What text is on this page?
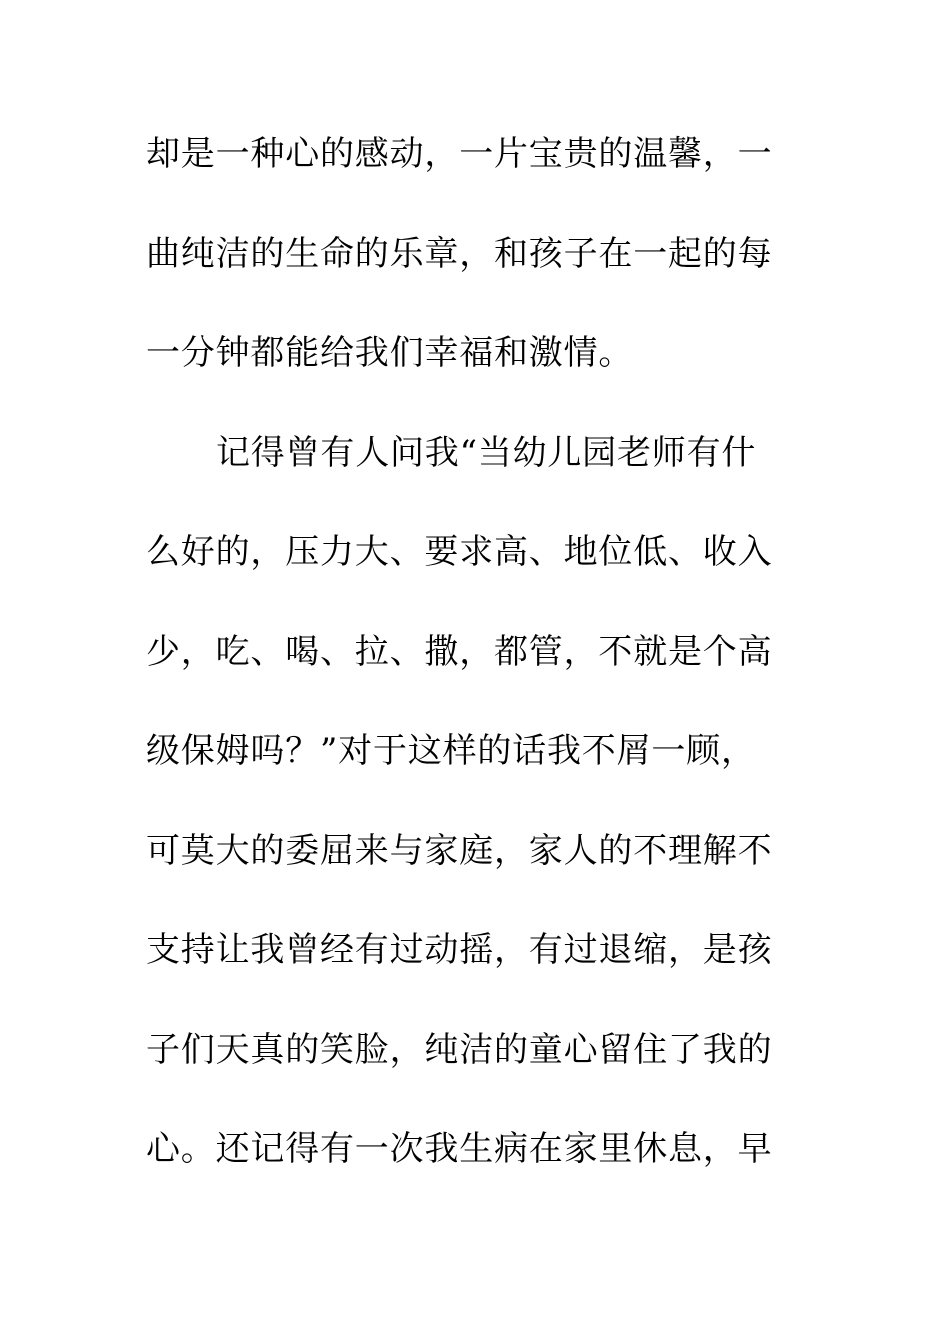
却是一种心的感动，一片宝贵的温馨，一
曲纯洁的生命的乐章，和孩子在一起的每
一分钟都能给我们幸福和激情。
记得曾有人问我“当幼儿园老师有什
么好的，压力大、要求高、地位低、收入
少，吃、喝、拉、撒，都管，不就是个高
级保姆吗？”对于这样的话我不屑一顾，
可莫大的委屈来与家庭，家人的不理解不
支持让我曾经有过动摇，有过退缩，是孩
子们天真的笑脸，纯洁的童心留住了我的
心。还记得有一次我生病在家里休息，早
